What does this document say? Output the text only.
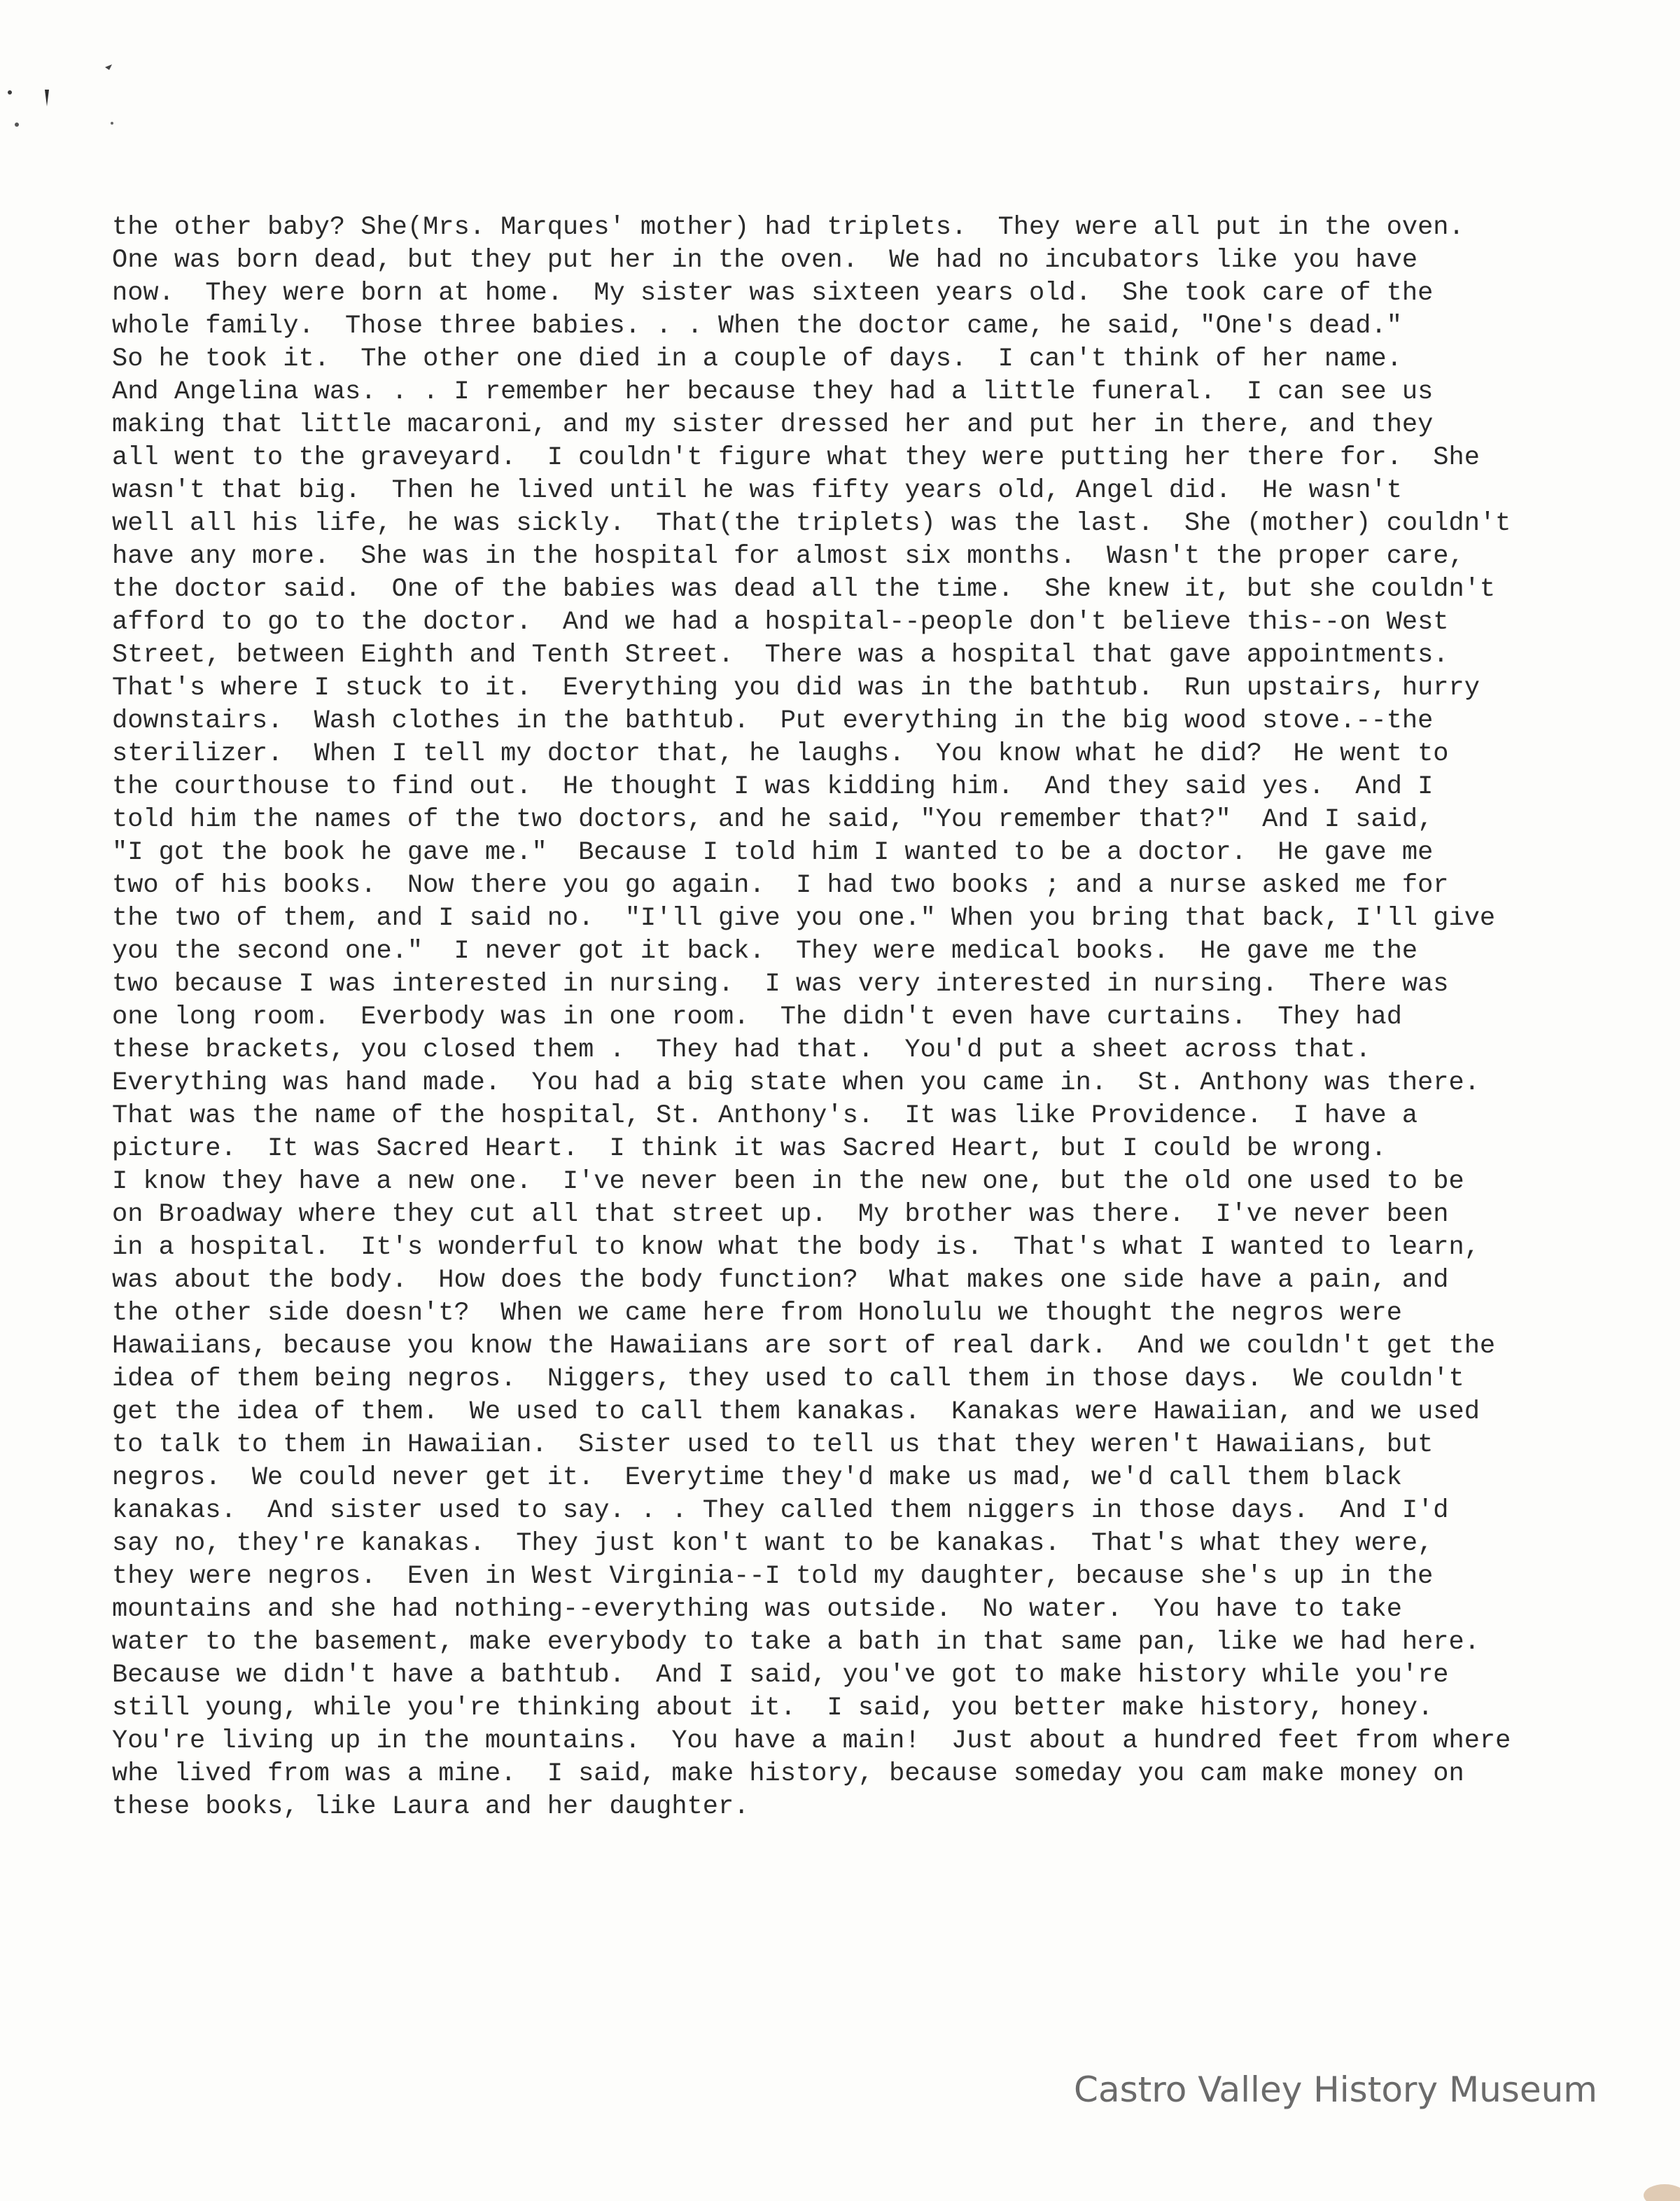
the other baby? She(Mrs. Marques' mother) had triplets.  They were all put in the oven.
One was born dead, but they put her in the oven.  We had no incubators like you have
now.  They were born at home.  My sister was sixteen years old.  She took care of the
whole family.  Those three babies. . . When the doctor came, he said, "One's dead."
So he took it.  The other one died in a couple of days.  I can't think of her name.
And Angelina was. . . I remember her because they had a little funeral.  I can see us
making that little macaroni, and my sister dressed her and put her in there, and they
all went to the graveyard.  I couldn't figure what they were putting her there for.  She
wasn't that big.  Then he lived until he was fifty years old, Angel did.  He wasn't
well all his life, he was sickly.  That(the triplets) was the last.  She (mother) couldn't
have any more.  She was in the hospital for almost six months.  Wasn't the proper care,
the doctor said.  One of the babies was dead all the time.  She knew it, but she couldn't
afford to go to the doctor.  And we had a hospital--people don't believe this--on West
Street, between Eighth and Tenth Street.  There was a hospital that gave appointments.
That's where I stuck to it.  Everything you did was in the bathtub.  Run upstairs, hurry
downstairs.  Wash clothes in the bathtub.  Put everything in the big wood stove.--the
sterilizer.  When I tell my doctor that, he laughs.  You know what he did?  He went to
the courthouse to find out.  He thought I was kidding him.  And they said yes.  And I
told him the names of the two doctors, and he said, "You remember that?"  And I said,
"I got the book he gave me."  Because I told him I wanted to be a doctor.  He gave me
two of his books.  Now there you go again.  I had two books ; and a nurse asked me for
the two of them, and I said no.  "I'll give you one." When you bring that back, I'll give
you the second one."  I never got it back.  They were medical books.  He gave me the
two because I was interested in nursing.  I was very interested in nursing.  There was
one long room.  Everbody was in one room.  The didn't even have curtains.  They had
these brackets, you closed them .  They had that.  You'd put a sheet across that.
Everything was hand made.  You had a big state when you came in.  St. Anthony was there.
That was the name of the hospital, St. Anthony's.  It was like Providence.  I have a
picture.  It was Sacred Heart.  I think it was Sacred Heart, but I could be wrong.
I know they have a new one.  I've never been in the new one, but the old one used to be
on Broadway where they cut all that street up.  My brother was there.  I've never been
in a hospital.  It's wonderful to know what the body is.  That's what I wanted to learn,
was about the body.  How does the body function?  What makes one side have a pain, and
the other side doesn't?  When we came here from Honolulu we thought the negros were
Hawaiians, because you know the Hawaiians are sort of real dark.  And we couldn't get the
idea of them being negros.  Niggers, they used to call them in those days.  We couldn't
get the idea of them.  We used to call them kanakas.  Kanakas were Hawaiian, and we used
to talk to them in Hawaiian.  Sister used to tell us that they weren't Hawaiians, but
negros.  We could never get it.  Everytime they'd make us mad, we'd call them black
kanakas.  And sister used to say. . . They called them niggers in those days.  And I'd
say no, they're kanakas.  They just kon't want to be kanakas.  That's what they were,
they were negros.  Even in West Virginia--I told my daughter, because she's up in the
mountains and she had nothing--everything was outside.  No water.  You have to take
water to the basement, make everybody to take a bath in that same pan, like we had here.
Because we didn't have a bathtub.  And I said, you've got to make history while you're
still young, while you're thinking about it.  I said, you better make history, honey.
You're living up in the mountains.  You have a main!  Just about a hundred feet from where
whe lived from was a mine.  I said, make history, because someday you cam make money on
these books, like Laura and her daughter.
Castro Valley History Museum
